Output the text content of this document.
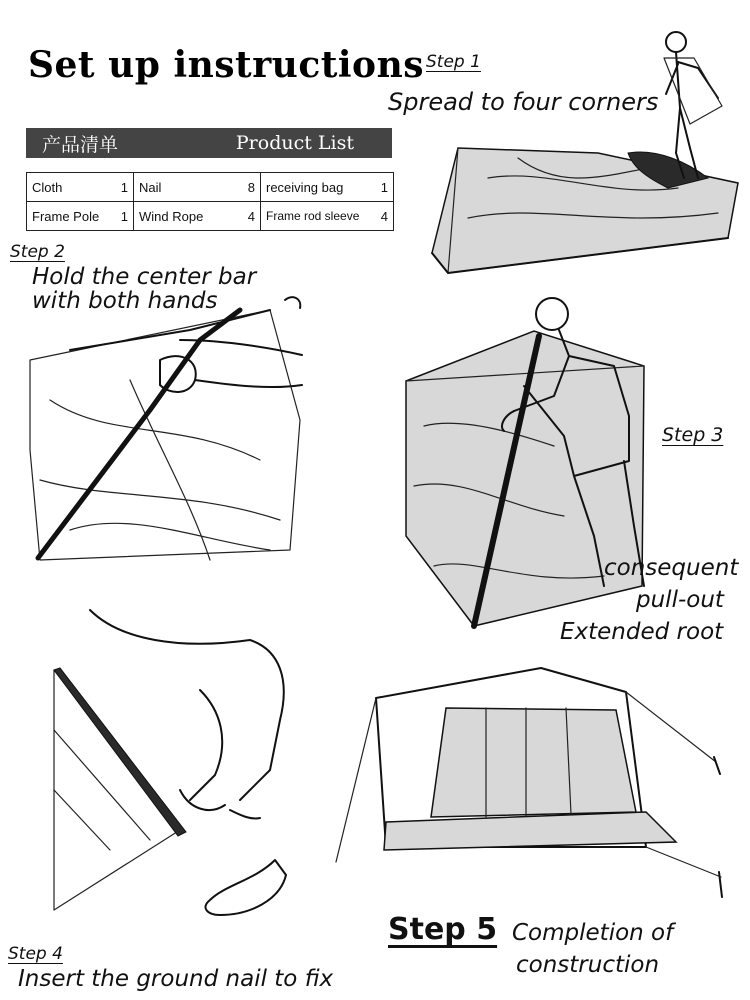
Set up instructions
产品清单	Product List
Cloth 1	Nail 8	receiving bag 1

Frame Pole 1	Wind Rope 4	Frame rod sleeve 4
Step 1
Spread to four corners
Step 2
Hold the center bar
with both hands
Step 3
consequent
pull-out
Extended root
Step 4
Insert the ground nail to fix
Step 5 Completion of
construction
